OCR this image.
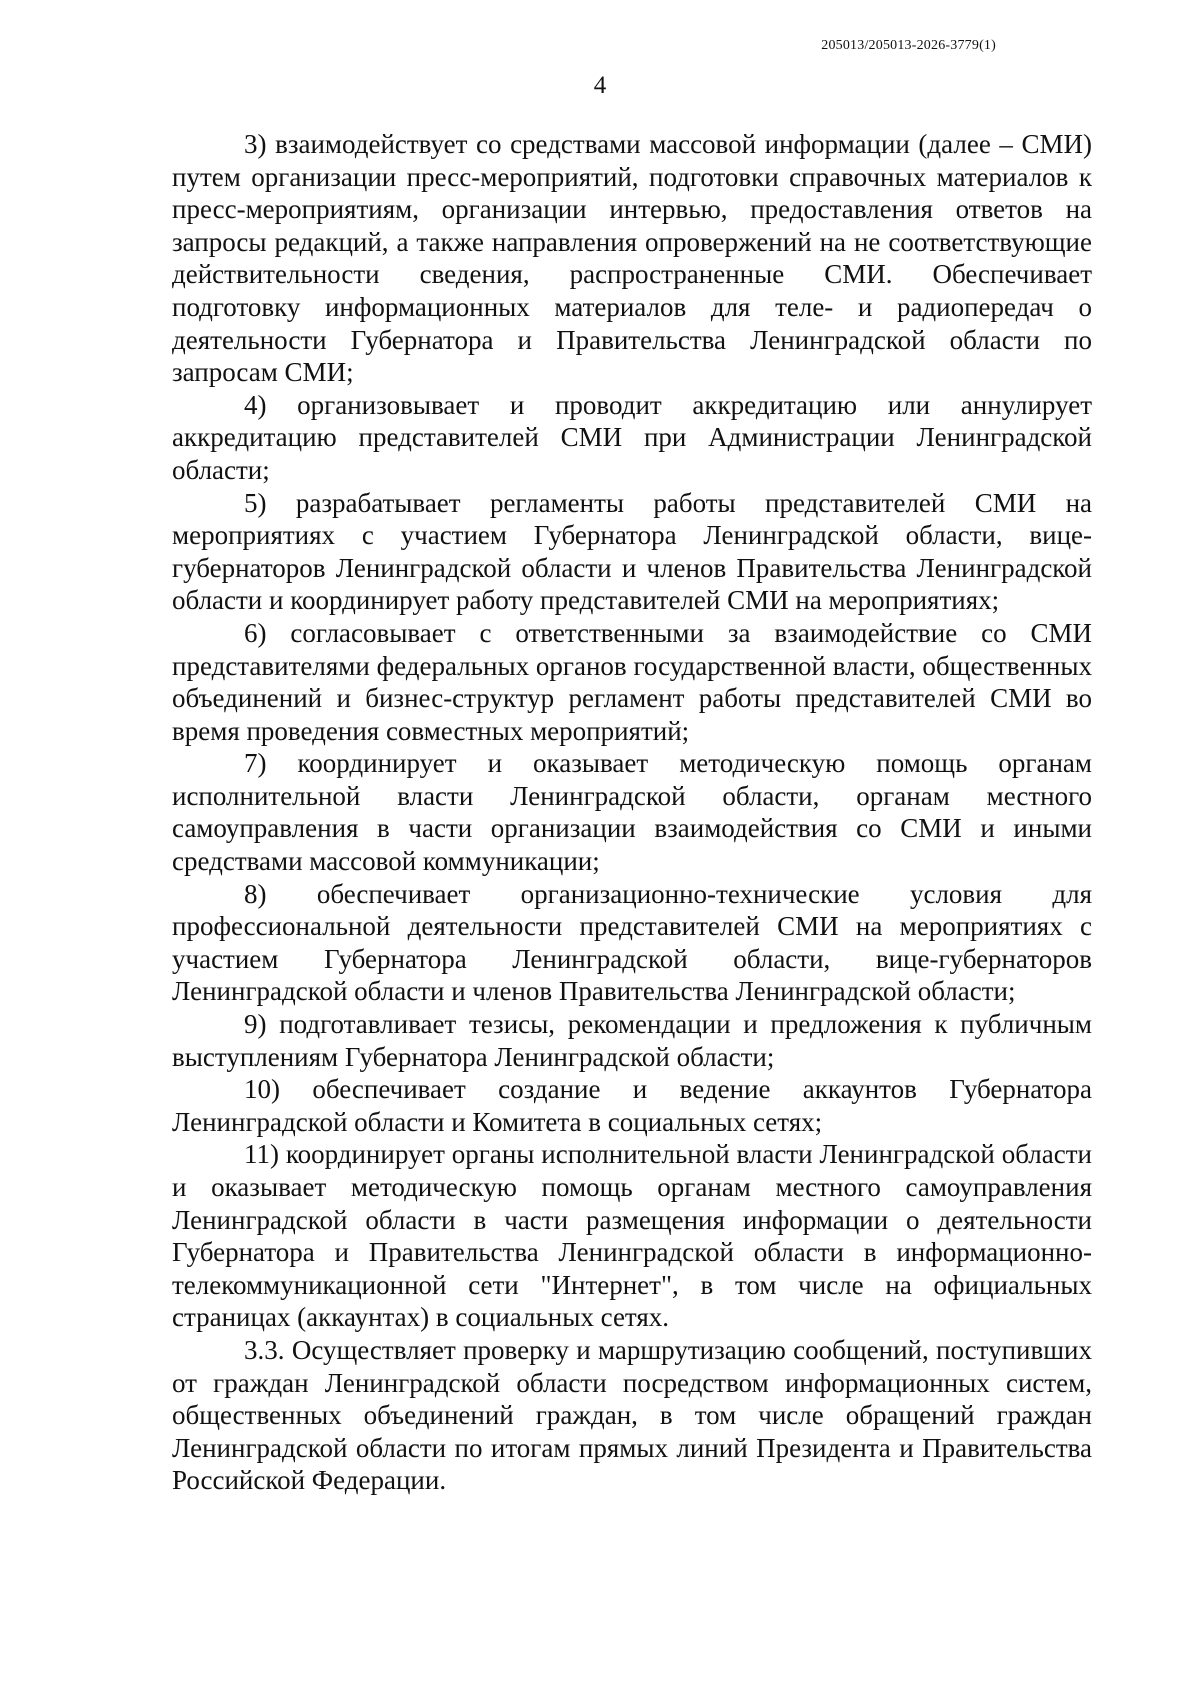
205013/205013-2026-3779(1)
4

3) взаимодействует со средствами массовой информации (далее – СМИ) путем организации пресс-мероприятий, подготовки справочных материалов к пресс-мероприятиям, организации интервью, предоставления ответов на запросы редакций, а также направления опровержений на не соответствующие действительности сведения, распространенные СМИ. Обеспечивает подготовку информационных материалов для теле- и радиопередач о деятельности Губернатора и Правительства Ленинградской области по запросам СМИ;

4) организовывает и проводит аккредитацию или аннулирует аккредитацию представителей СМИ при Администрации Ленинградской области;

5) разрабатывает регламенты работы представителей СМИ на мероприятиях с участием Губернатора Ленинградской области, вице-губернаторов Ленинградской области и членов Правительства Ленинградской области и координирует работу представителей СМИ на мероприятиях;

6) согласовывает с ответственными за взаимодействие со СМИ представителями федеральных органов государственной власти, общественных объединений и бизнес-структур регламент работы представителей СМИ во время проведения совместных мероприятий;

7) координирует и оказывает методическую помощь органам исполнительной власти Ленинградской области, органам местного самоуправления в части организации взаимодействия со СМИ и иными средствами массовой коммуникации;

8) обеспечивает организационно-технические условия для профессиональной деятельности представителей СМИ на мероприятиях с участием Губернатора Ленинградской области, вице-губернаторов Ленинградской области и членов Правительства Ленинградской области;

9) подготавливает тезисы, рекомендации и предложения к публичным выступлениям Губернатора Ленинградской области;

10) обеспечивает создание и ведение аккаунтов Губернатора Ленинградской области и Комитета в социальных сетях;

11) координирует органы исполнительной власти Ленинградской области и оказывает методическую помощь органам местного самоуправления Ленинградской области в части размещения информации о деятельности Губернатора и Правительства Ленинградской области в информационно-телекоммуникационной сети "Интернет", в том числе на официальных страницах (аккаунтах) в социальных сетях.

3.3. Осуществляет проверку и маршрутизацию сообщений, поступивших от граждан Ленинградской области посредством информационных систем, общественных объединений граждан, в том числе обращений граждан Ленинградской области по итогам прямых линий Президента и Правительства Российской Федерации.
